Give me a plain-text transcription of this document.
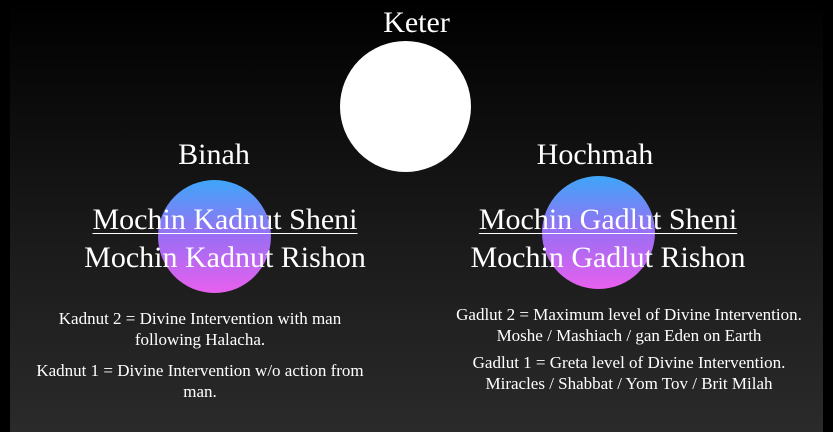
Keter
Binah
Mochin Kadnut Sheni
Mochin Kadnut Rishon

Kadnut 2 = Divine Intervention with man following Halacha.

Kadnut 1 = Divine Intervention w/o action from man.

Hochmah
Mochin Gadlut Sheni
Mochin Gadlut Rishon

Gadlut 2 = Maximum level of Divine Intervention. Moshe / Mashiach / gan Eden on Earth

Gadlut 1 = Greta level of Divine Intervention. Miracles / Shabbat / Yom Tov / Brit Milah
